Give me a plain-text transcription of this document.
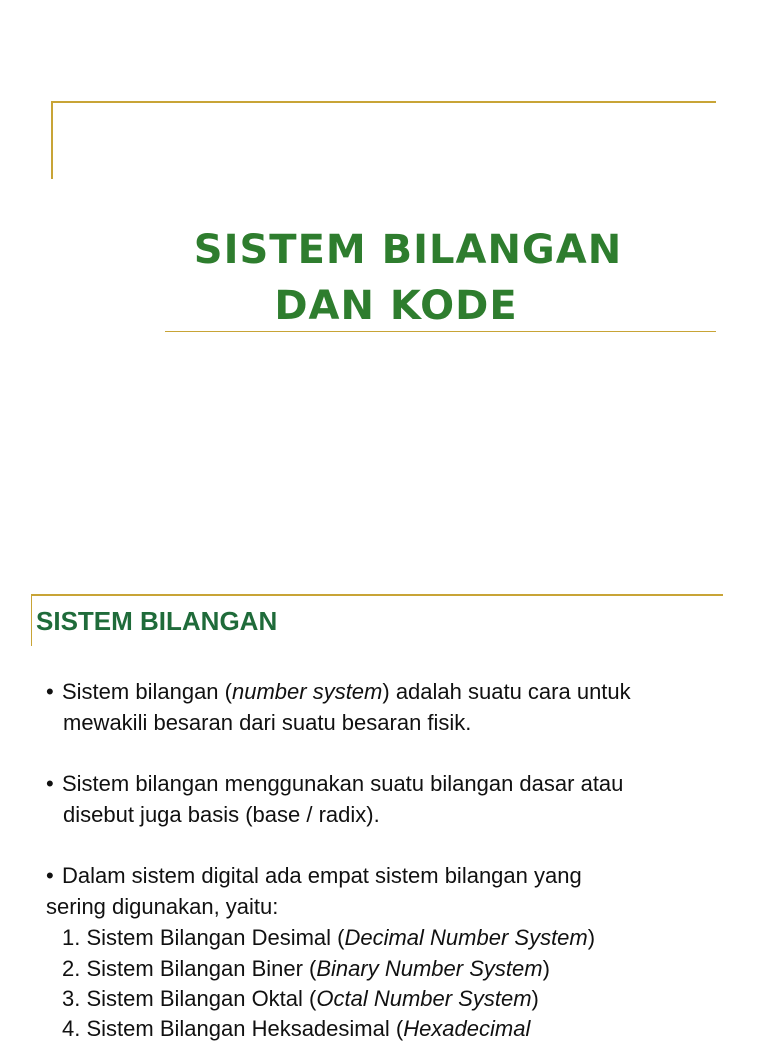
SISTEM BILANGAN
DAN KODE
SISTEM BILANGAN
• Sistem bilangan (number system) adalah suatu cara untuk
mewakili besaran dari suatu besaran fisik.
• Sistem bilangan menggunakan suatu bilangan dasar atau
disebut juga basis (base / radix).
• Dalam sistem digital ada empat sistem bilangan yang
sering digunakan, yaitu:
1. Sistem Bilangan Desimal (Decimal Number System)
2. Sistem Bilangan Biner (Binary Number System)
3. Sistem Bilangan Oktal (Octal Number System)
4. Sistem Bilangan Heksadesimal (Hexadecimal
